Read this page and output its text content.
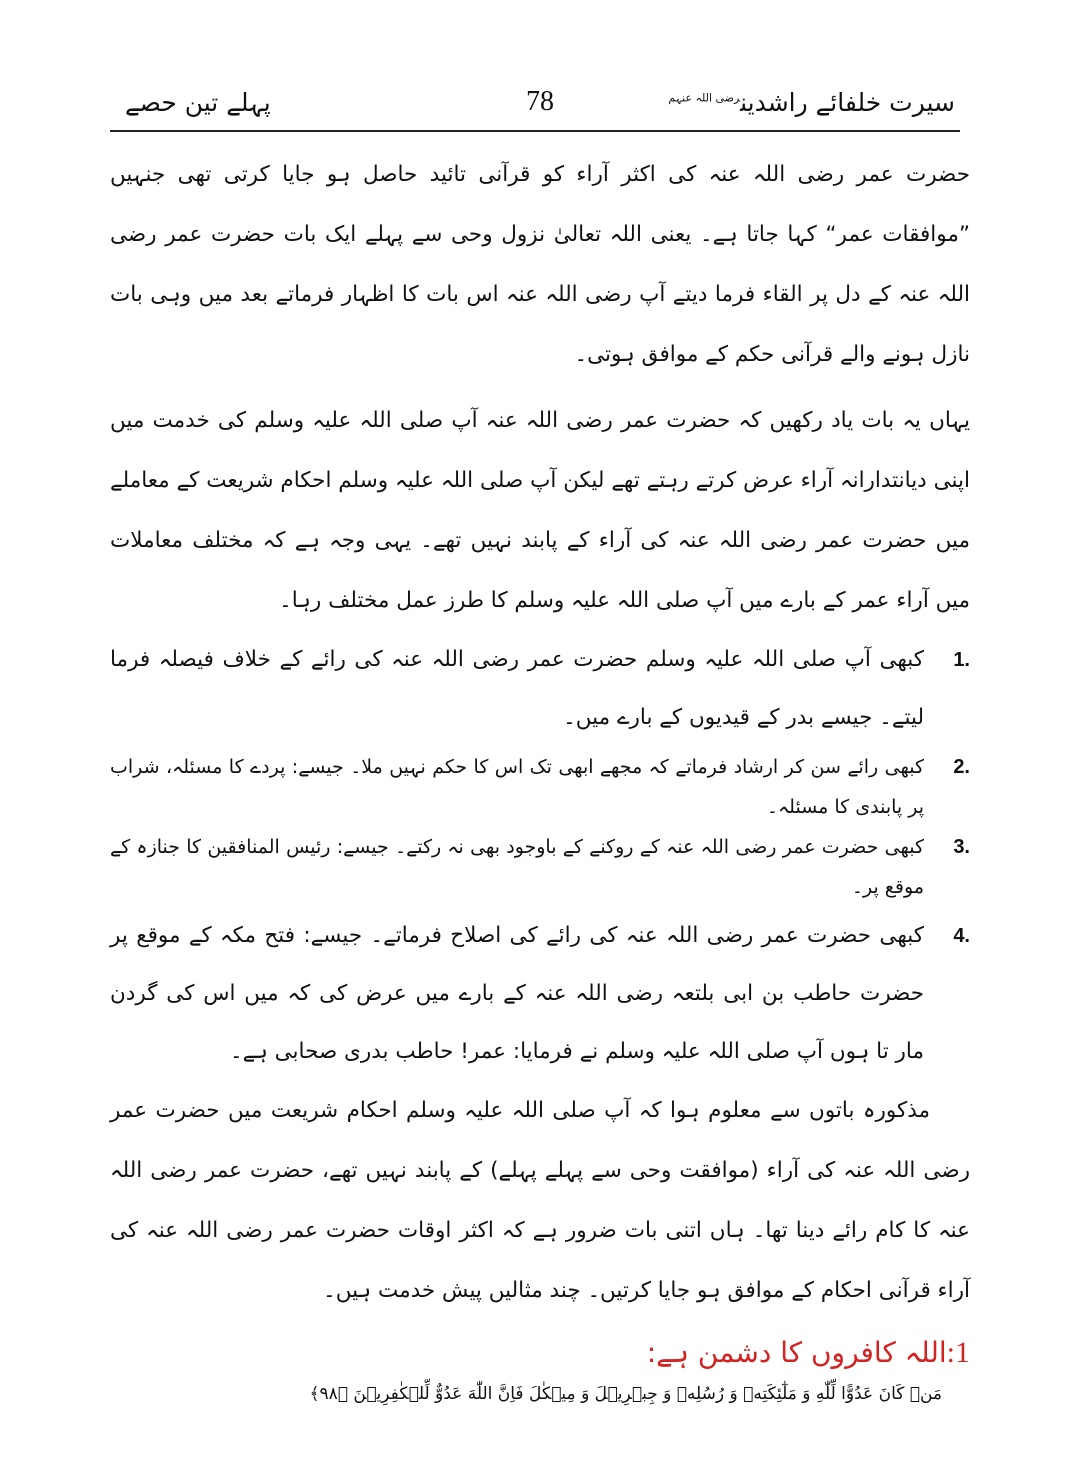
سیرت خلفائے راشدین$^{رضی اللہ عنہم}$
78
پہلے تین حصے

حضرت عمر رضی اللہ عنہ کی اکثر آراء کو قرآنی تائید حاصل ہو جایا کرتی تھی جنہیں ”موافقات عمر“ کہا جاتا ہے۔ یعنی اللہ تعالیٰ نزول وحی سے پہلے ایک بات حضرت عمر رضی اللہ عنہ کے دل پر القاء فرما دیتے آپ رضی اللہ عنہ اس بات کا اظہار فرماتے بعد میں وہی بات نازل ہونے والے قرآنی حکم کے موافق ہوتی۔

یہاں یہ بات یاد رکھیں کہ حضرت عمر رضی اللہ عنہ آپ صلی اللہ علیہ وسلم کی خدمت میں اپنی دیانتدارانہ آراء عرض کرتے رہتے تھے لیکن آپ صلی اللہ علیہ وسلم احکام شریعت کے معاملے میں حضرت عمر رضی اللہ عنہ کی آراء کے پابند نہیں تھے۔ یہی وجہ ہے کہ مختلف معاملات میں آراء عمر کے بارے میں آپ صلی اللہ علیہ وسلم کا طرز عمل مختلف رہا۔

1.
کبھی آپ صلی اللہ علیہ وسلم حضرت عمر رضی اللہ عنہ کی رائے کے خلاف فیصلہ فرما لیتے۔ جیسے بدر کے قیدیوں کے بارے میں۔
2.
کبھی رائے سن کر ارشاد فرماتے کہ مجھے ابھی تک اس کا حکم نہیں ملا۔ جیسے: پردے کا مسئلہ، شراب پر پابندی کا مسئلہ۔
3.
کبھی حضرت عمر رضی اللہ عنہ کے روکنے کے باوجود بھی نہ رکتے۔ جیسے: رئیس المنافقین کا جنازہ کے موقع پر۔
4.
کبھی حضرت عمر رضی اللہ عنہ کی رائے کی اصلاح فرماتے۔ جیسے: فتح مکہ کے موقع پر حضرت حاطب بن ابی بلتعہ رضی اللہ عنہ کے بارے میں عرض کی کہ میں اس کی گردن مار تا ہوں آپ صلی اللہ علیہ وسلم نے فرمایا: عمر! حاطب بدری صحابی ہے۔

مذکورہ باتوں سے معلوم ہوا کہ آپ صلی اللہ علیہ وسلم احکام شریعت میں حضرت عمر رضی اللہ عنہ کی آراء (موافقت وحی سے پہلے پہلے) کے پابند نہیں تھے، حضرت عمر رضی اللہ عنہ کا کام رائے دینا تھا۔ ہاں اتنی بات ضرور ہے کہ اکثر اوقات حضرت عمر رضی اللہ عنہ کی آراء قرآنی احکام کے موافق ہو جایا کرتیں۔ چند مثالیں پیش خدمت ہیں۔

1:اللہ کافروں کا دشمن ہے:
مَنۡ كَانَ عَدُوًّا لِّلّٰهِ وَ مَلٰٓئِكَتِهٖ وَ رُسُلِهٖ وَ جِبۡرِيۡلَ وَ مِيۡكٰلَ فَاِنَّ اللّٰهَ عَدُوٌّ لِّلۡكٰفِرِيۡنَ ﴿۹۸﴾
